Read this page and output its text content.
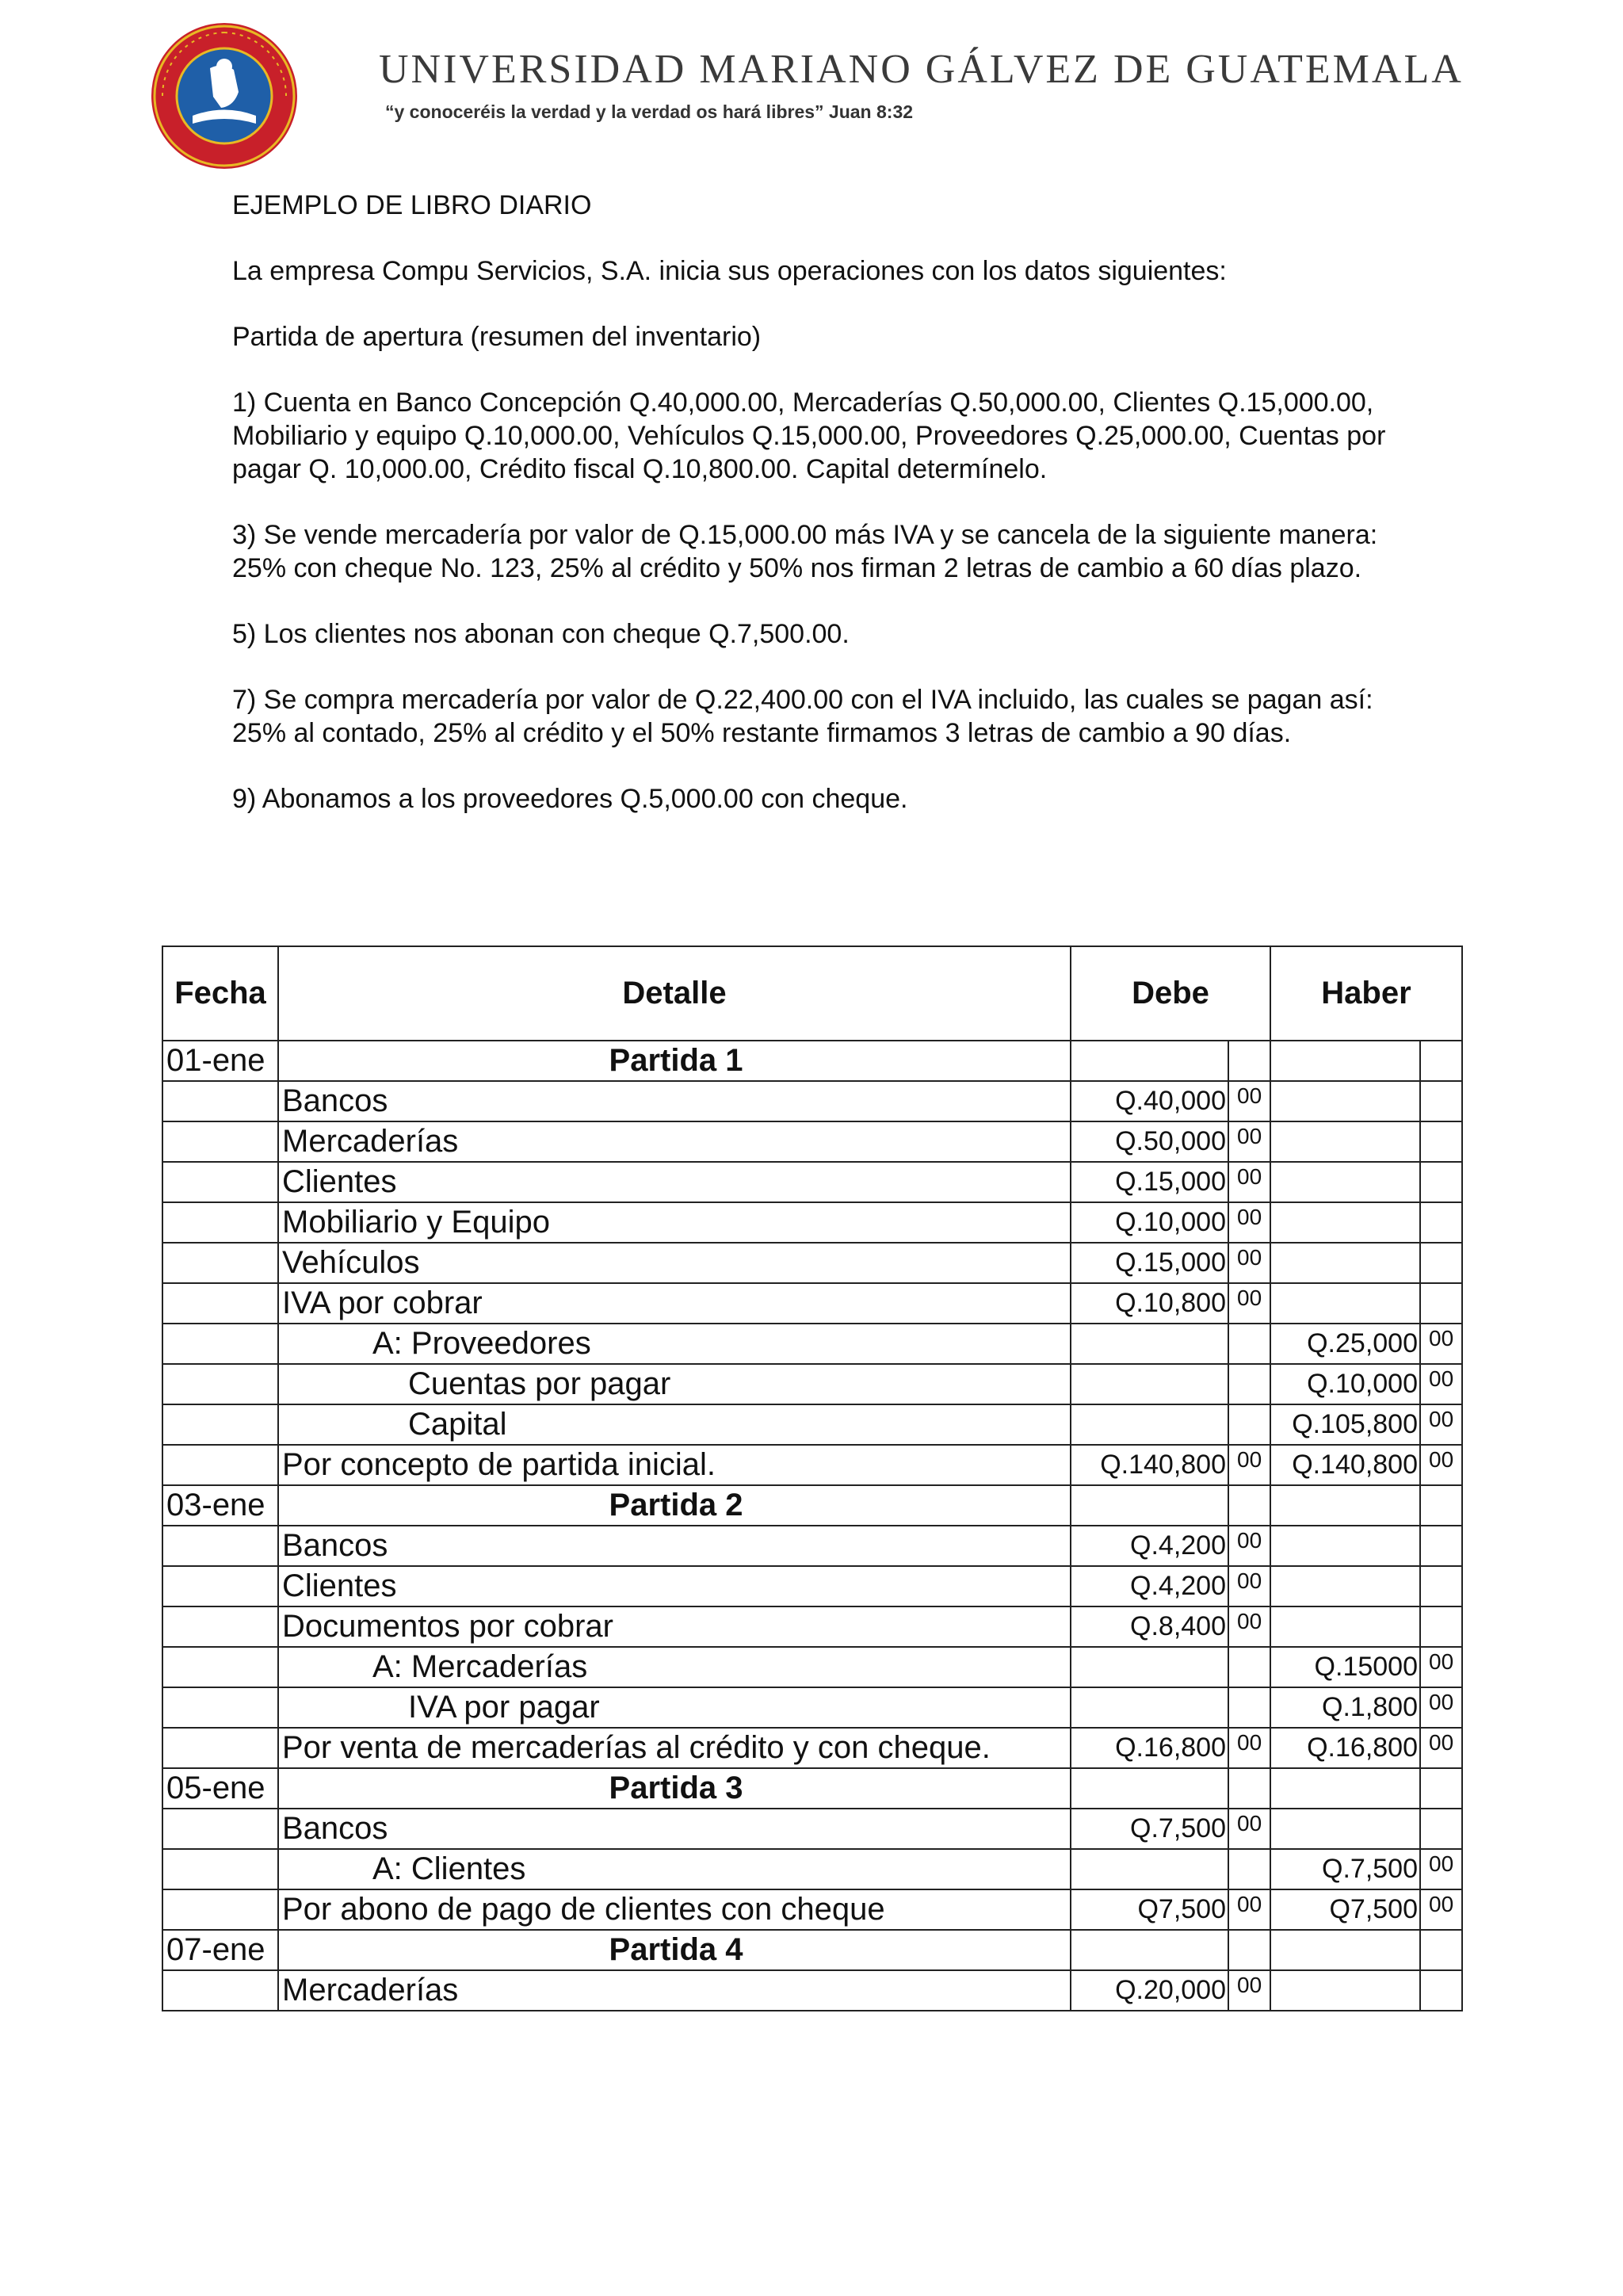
UNIVERSIDAD MARIANO GÁLVEZ DE GUATEMALA
“y conoceréis la verdad y la verdad os hará libres” Juan 8:32

EJEMPLO DE LIBRO DIARIO

La empresa Compu Servicios, S.A. inicia sus operaciones con los datos siguientes:

Partida de apertura (resumen del inventario)

1) Cuenta en Banco Concepción Q.40,000.00, Mercaderías Q.50,000.00, Clientes Q.15,000.00, Mobiliario y equipo Q.10,000.00, Vehículos Q.15,000.00, Proveedores Q.25,000.00, Cuentas por pagar Q. 10,000.00, Crédito fiscal Q.10,800.00. Capital determínelo.

3) Se vende mercadería por valor de Q.15,000.00 más IVA y se cancela de la siguiente manera: 25% con cheque No. 123, 25% al crédito y 50% nos firman 2 letras de cambio a 60 días plazo.

5) Los clientes nos abonan con cheque Q.7,500.00.

7) Se compra mercadería por valor de Q.22,400.00 con el IVA incluido, las cuales se pagan así:

25% al contado, 25% al crédito y el 50% restante firmamos 3 letras de cambio a 90 días.

9) Abonamos a los proveedores Q.5,000.00 con cheque.

Fecha	Detalle	Debe		Haber	
01-ene	Partida 1				
	Bancos	Q.40,000	00		
	Mercaderías	Q.50,000	00		
	Clientes	Q.15,000	00		
	Mobiliario y Equipo	Q.10,000	00		
	Vehículos	Q.15,000	00		
	IVA por cobrar	Q.10,800	00		
	A: Proveedores			Q.25,000	00
	Cuentas por pagar			Q.10,000	00
	Capital			Q.105,800	00
	Por concepto de partida inicial.	Q.140,800	00	Q.140,800	00
03-ene	Partida 2				
	Bancos	Q.4,200	00		
	Clientes	Q.4,200	00		
	Documentos por cobrar	Q.8,400	00		
	A: Mercaderías			Q.15000	00
	IVA por pagar			Q.1,800	00
	Por venta de mercaderías al crédito y con cheque.	Q.16,800	00	Q.16,800	00
05-ene	Partida 3				
	Bancos	Q.7,500	00		
	A: Clientes			Q.7,500	00
	Por abono de pago de clientes con cheque	Q7,500	00	Q7,500	00
07-ene	Partida 4				
	Mercaderías	Q.20,000	00		
